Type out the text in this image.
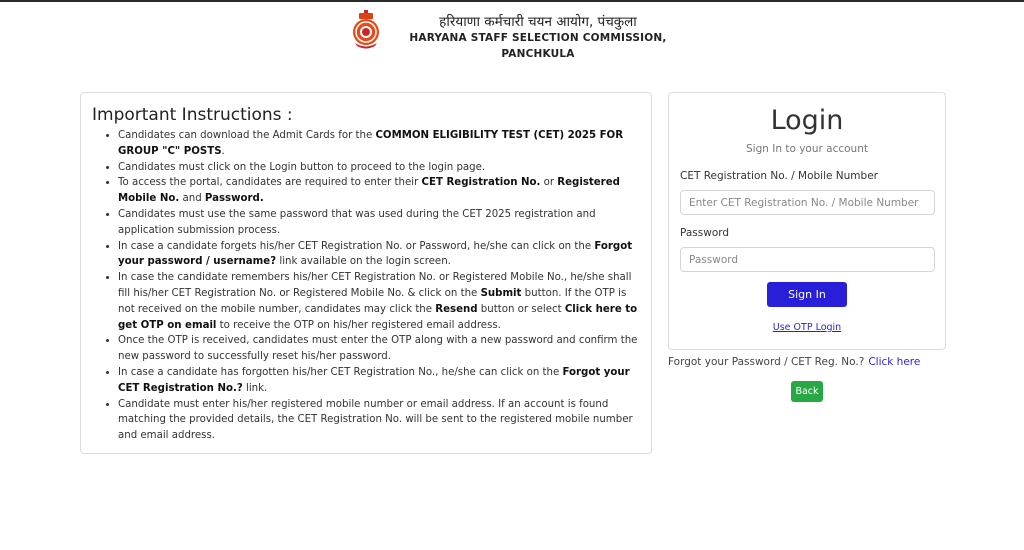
हरियाणा कर्मचारी चयन आयोग, पंचकुला
HARYANA STAFF SELECTION COMMISSION, PANCHKULA
Important Instructions :
• Candidates can download the Admit Cards for the COMMON ELIGIBILITY TEST (CET) 2025 FOR GROUP "C" POSTS.
• Candidates must click on the Login button to proceed to the login page.
• To access the portal, candidates are required to enter their CET Registration No. or Registered Mobile No. and Password.
• Candidates must use the same password that was used during the CET 2025 registration and application submission process.
• In case a candidate forgets his/her CET Registration No. or Password, he/she can click on the Forgot your password / username? link available on the login screen.
• In case the candidate remembers his/her CET Registration No. or Registered Mobile No., he/she shall fill his/her CET Registration No. or Registered Mobile No. & click on the Submit button. If the OTP is not received on the mobile number, candidates may click the Resend button or select Click here to get OTP on email to receive the OTP on his/her registered email address.
• Once the OTP is received, candidates must enter the OTP along with a new password and confirm the new password to successfully reset his/her password.
• In case a candidate has forgotten his/her CET Registration No., he/she can click on the Forgot your CET Registration No.? link.
• Candidate must enter his/her registered mobile number or email address. If an account is found matching the provided details, the CET Registration No. will be sent to the registered mobile number and email address.
Login
Sign In to your account
CET Registration No. / Mobile Number
Enter CET Registration No. / Mobile Number
Password
Sign In
Use OTP Login
Forgot your Password / CET Reg. No.? Click here
Back
